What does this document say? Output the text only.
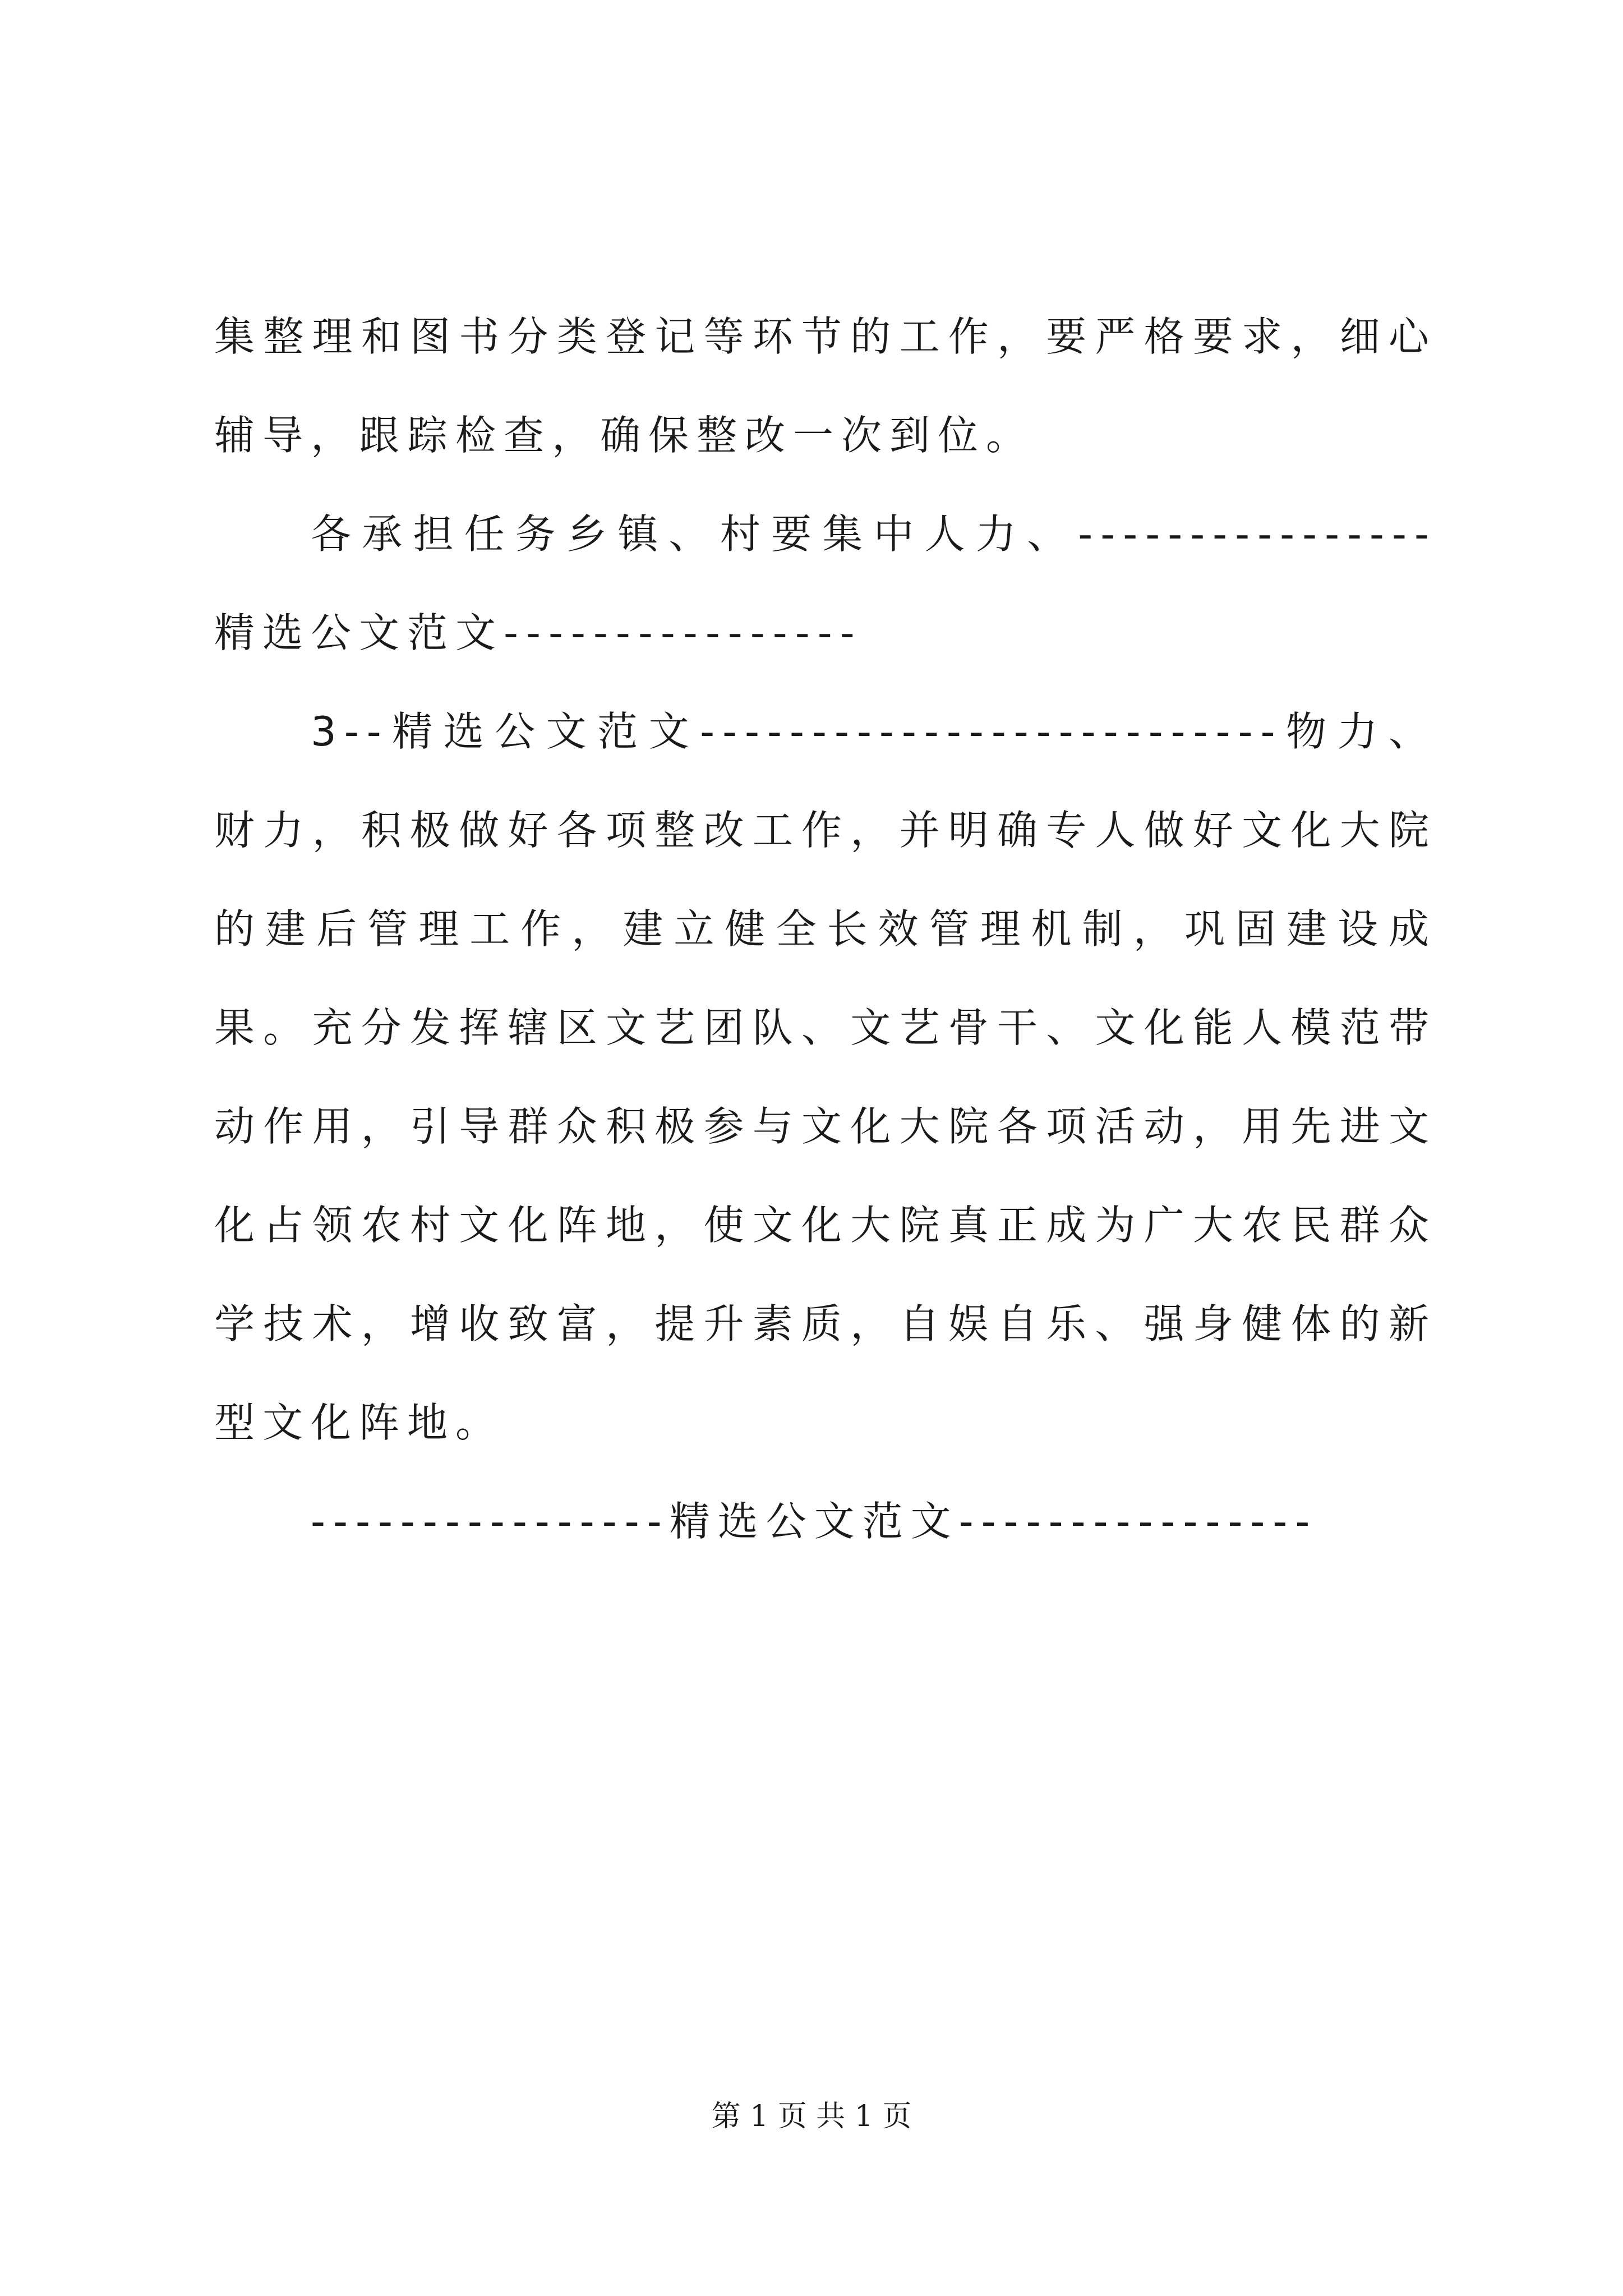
集整理和图书分类登记等环节的工作，要严格要求，细心辅导，跟踪检查，确保整改一次到位。

各承担任务乡镇、村要集中人力、----------------精选公文范文----------------

3--精选公文范文--------------------------物力、财力，积极做好各项整改工作，并明确专人做好文化大院的建后管理工作，建立健全长效管理机制，巩固建设成果。充分发挥辖区文艺团队、文艺骨干、文化能人模范带动作用，引导群众积极参与文化大院各项活动，用先进文化占领农村文化阵地，使文化大院真正成为广大农民群众学技术，增收致富，提升素质，自娱自乐、强身健体的新型文化阵地。

----------------精选公文范文----------------

第 1 页 共 1 页
